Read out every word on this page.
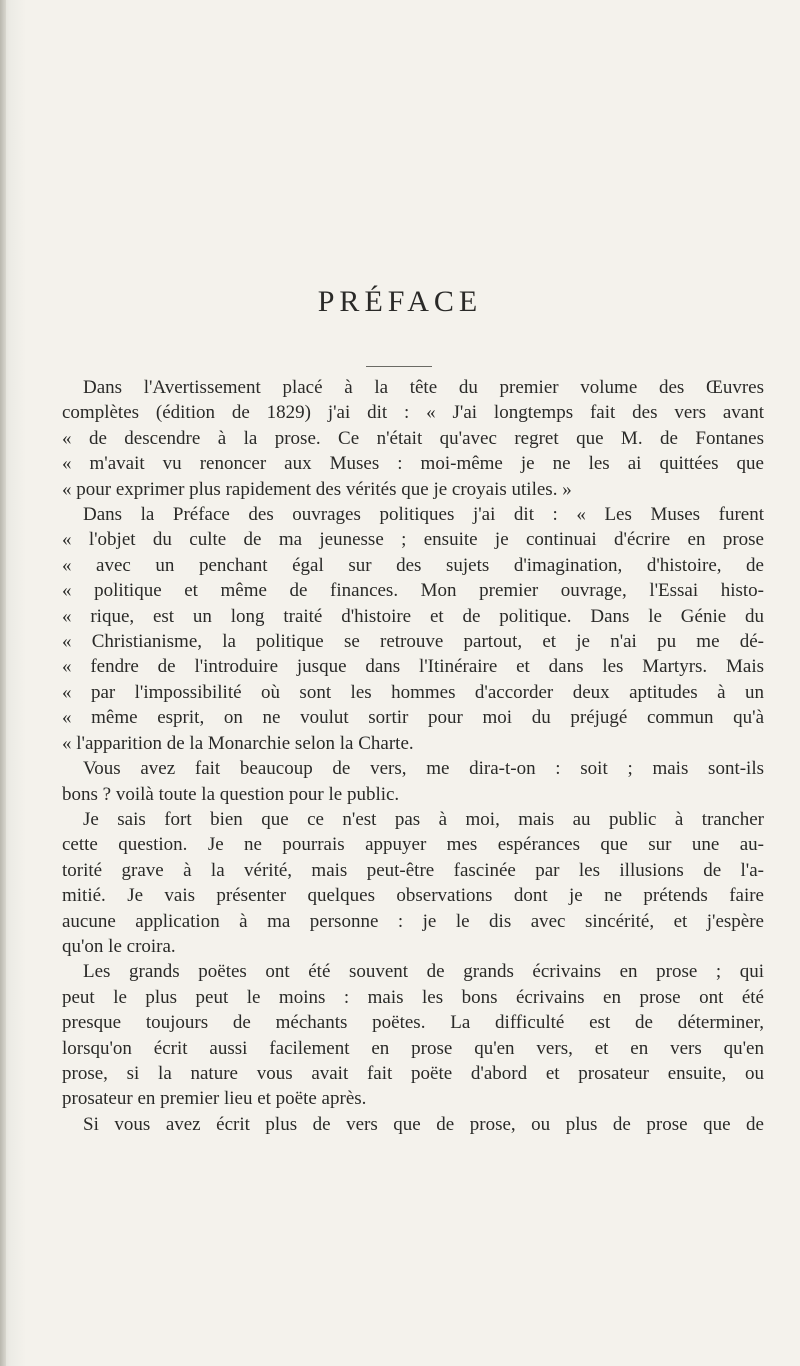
PRÉFACE

Dans l'Avertissement placé à la tête du premier volume des Œuvres
complètes (édition de 1829) j'ai dit : « J'ai longtemps fait des vers avant
« de descendre à la prose. Ce n'était qu'avec regret que M. de Fontanes
« m'avait vu renoncer aux Muses : moi-même je ne les ai quittées que
« pour exprimer plus rapidement des vérités que je croyais utiles. »

Dans la Préface des ouvrages politiques j'ai dit : « Les Muses furent
« l'objet du culte de ma jeunesse ; ensuite je continuai d'écrire en prose
« avec un penchant égal sur des sujets d'imagination, d'histoire, de
« politique et même de finances. Mon premier ouvrage, l'Essai histo-
« rique, est un long traité d'histoire et de politique. Dans le Génie du
« Christianisme, la politique se retrouve partout, et je n'ai pu me dé-
« fendre de l'introduire jusque dans l'Itinéraire et dans les Martyrs. Mais
« par l'impossibilité où sont les hommes d'accorder deux aptitudes à un
« même esprit, on ne voulut sortir pour moi du préjugé commun qu'à
« l'apparition de la Monarchie selon la Charte.

Vous avez fait beaucoup de vers, me dira-t-on : soit ; mais sont-ils
bons ? voilà toute la question pour le public.

Je sais fort bien que ce n'est pas à moi, mais au public à trancher
cette question. Je ne pourrais appuyer mes espérances que sur une au-
torité grave à la vérité, mais peut-être fascinée par les illusions de l'a-
mitié. Je vais présenter quelques observations dont je ne prétends faire
aucune application à ma personne : je le dis avec sincérité, et j'espère
qu'on le croira.

Les grands poëtes ont été souvent de grands écrivains en prose ; qui
peut le plus peut le moins : mais les bons écrivains en prose ont été
presque toujours de méchants poëtes. La difficulté est de déterminer,
lorsqu'on écrit aussi facilement en prose qu'en vers, et en vers qu'en
prose, si la nature vous avait fait poëte d'abord et prosateur ensuite, ou
prosateur en premier lieu et poëte après.

Si vous avez écrit plus de vers que de prose, ou plus de prose que de
